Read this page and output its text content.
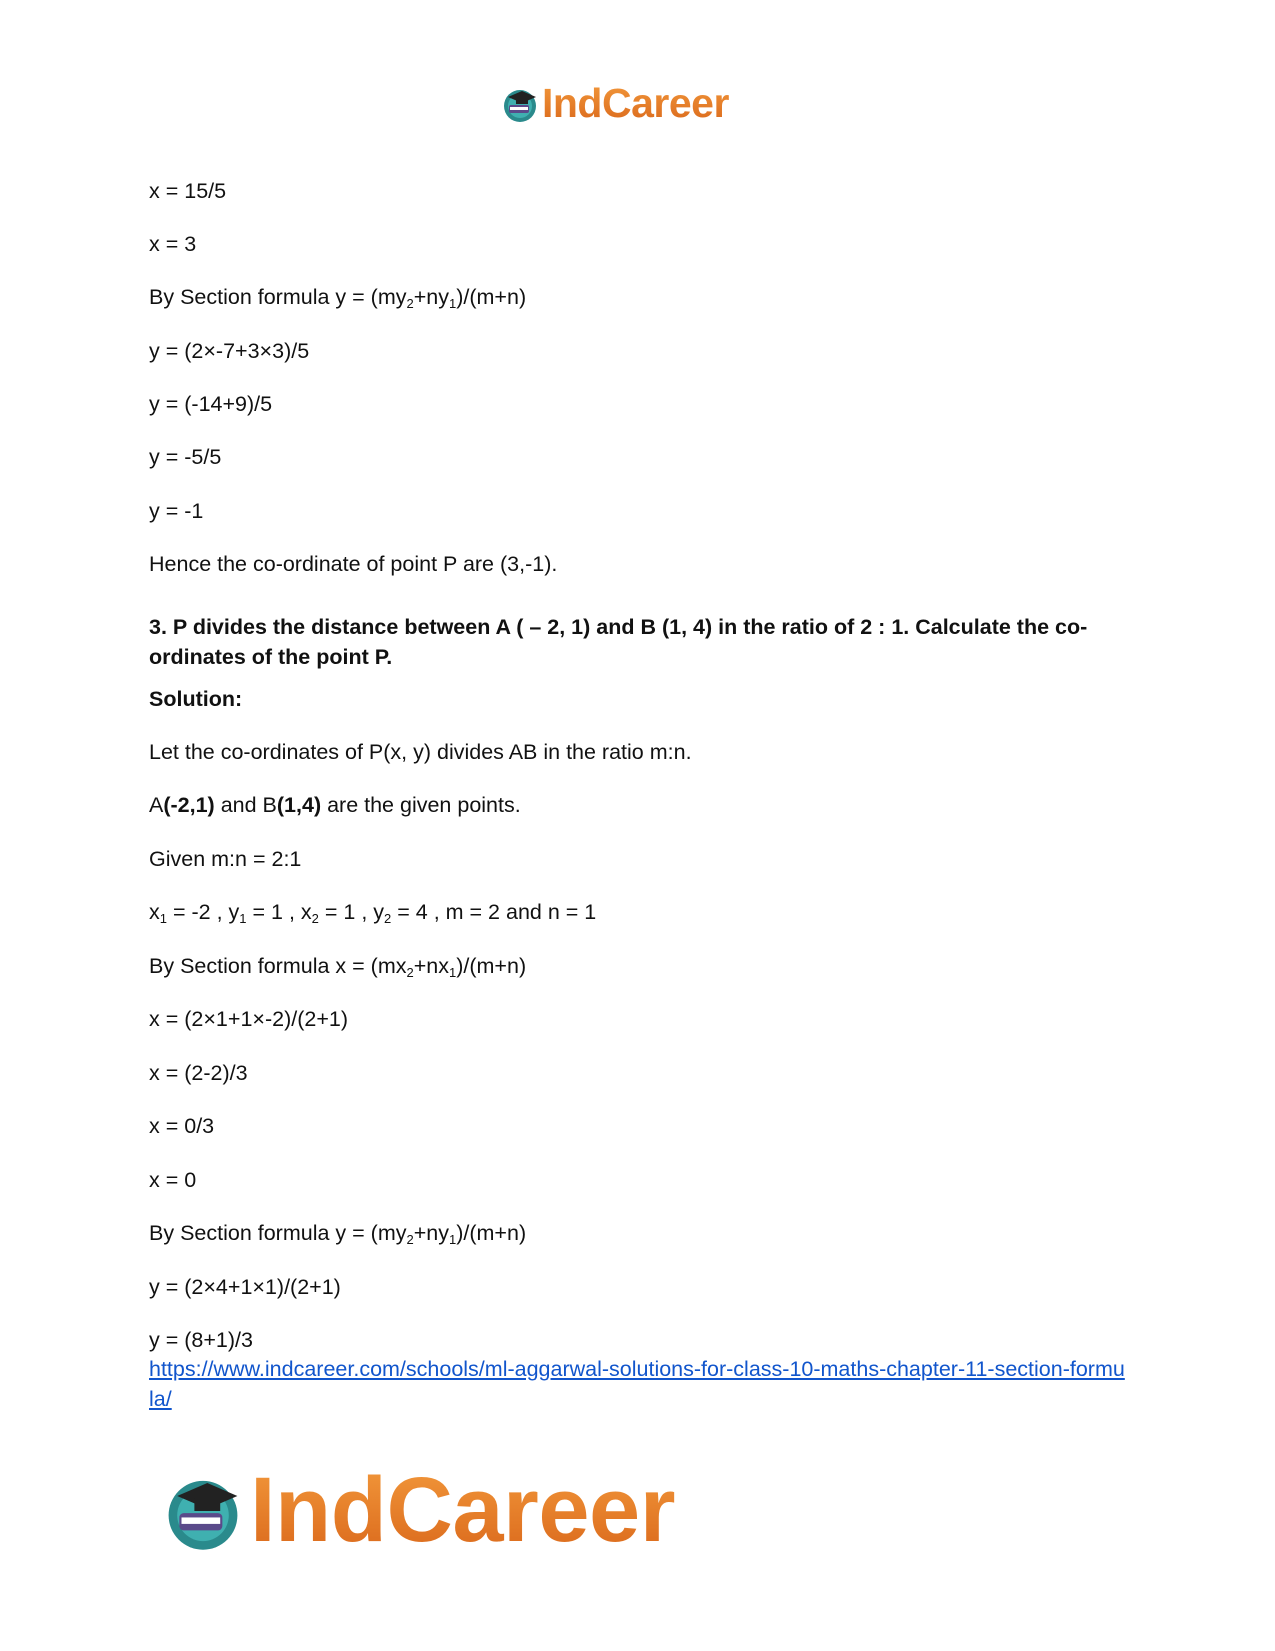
IndCareer

x = 15/5

x = 3

By Section formula $y = (my_2+ny_1)/(m+n)$

y = (2×-7+3×3)/5

y = (-14+9)/5

y = -5/5

y = -1

Hence the co-ordinate of point P are (3,-1).

3. P divides the distance between A ( – 2, 1) and B (1, 4) in the ratio of 2 : 1. Calculate the co-ordinates of the point P.

Solution:

Let the co-ordinates of P(x, y) divides AB in the ratio m:n.

A(-2,1) and B(1,4) are the given points.

Given m:n = 2:1

$x_1 = -2$ , $y_1 = 1$ , $x_2 = 1$ , $y_2 = 4$ , m = 2 and n = 1

By Section formula $x = (mx_2+nx_1)/(m+n)$

x = (2×1+1×-2)/(2+1)

x = (2-2)/3

x = 0/3

x = 0

By Section formula $y = (my_2+ny_1)/(m+n)$

y = (2×4+1×1)/(2+1)

y = (8+1)/3

https://www.indcareer.com/schools/ml-aggarwal-solutions-for-class-10-maths-chapter-11-section-formula/
IndCareer
